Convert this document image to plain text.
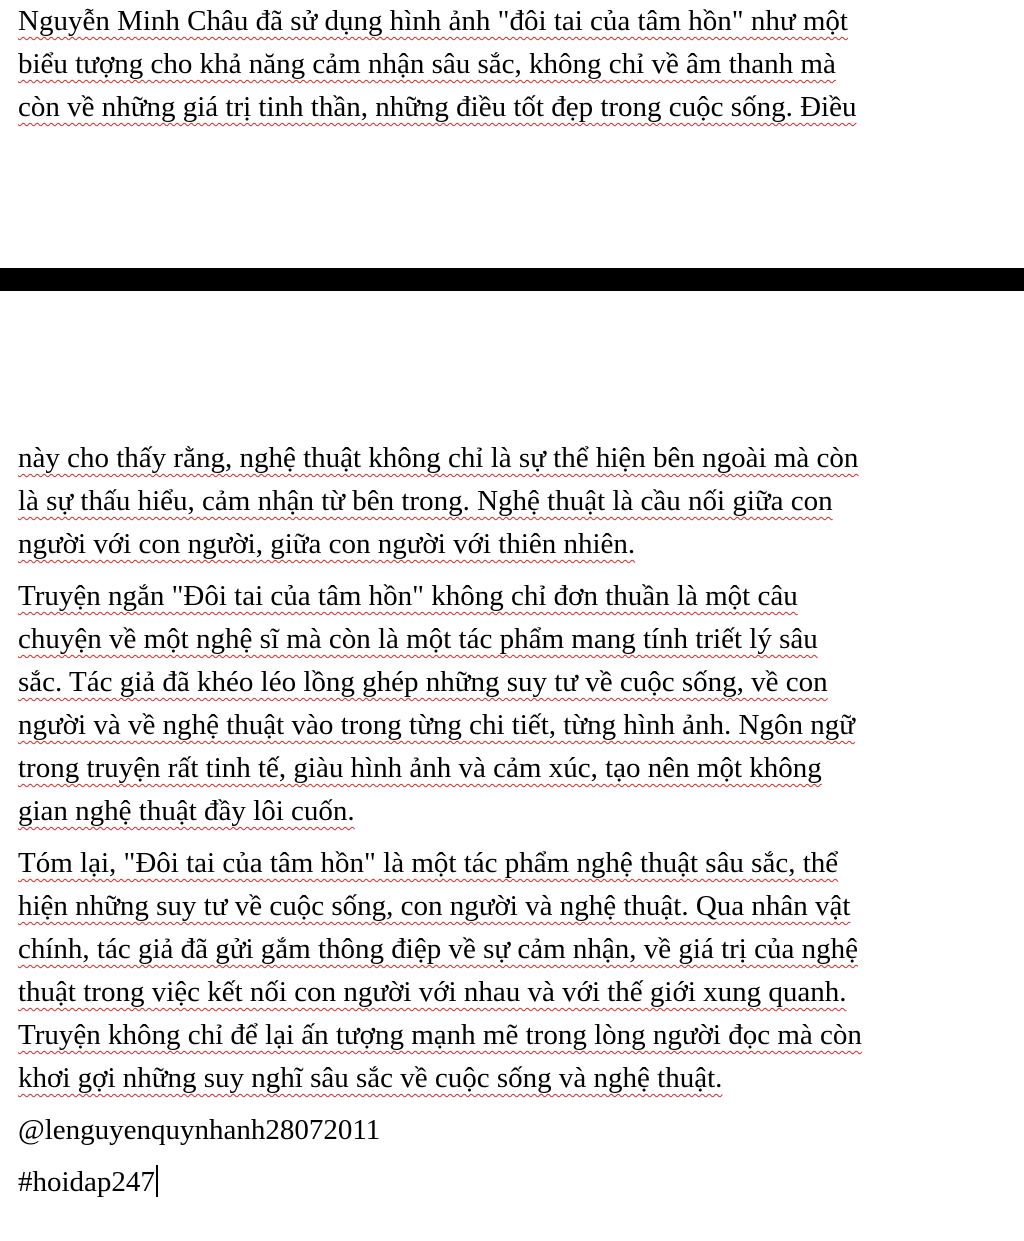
Nguyễn Minh Châu đã sử dụng hình ảnh "đôi tai của tâm hồn" như một
biểu tượng cho khả năng cảm nhận sâu sắc, không chỉ về âm thanh mà
còn về những giá trị tinh thần, những điều tốt đẹp trong cuộc sống. Điều
này cho thấy rằng, nghệ thuật không chỉ là sự thể hiện bên ngoài mà còn
là sự thấu hiểu, cảm nhận từ bên trong. Nghệ thuật là cầu nối giữa con
người với con người, giữa con người với thiên nhiên.
Truyện ngắn "Đôi tai của tâm hồn" không chỉ đơn thuần là một câu
chuyện về một nghệ sĩ mà còn là một tác phẩm mang tính triết lý sâu
sắc. Tác giả đã khéo léo lồng ghép những suy tư về cuộc sống, về con
người và về nghệ thuật vào trong từng chi tiết, từng hình ảnh. Ngôn ngữ
trong truyện rất tinh tế, giàu hình ảnh và cảm xúc, tạo nên một không
gian nghệ thuật đầy lôi cuốn.
Tóm lại, "Đôi tai của tâm hồn" là một tác phẩm nghệ thuật sâu sắc, thể
hiện những suy tư về cuộc sống, con người và nghệ thuật. Qua nhân vật
chính, tác giả đã gửi gắm thông điệp về sự cảm nhận, về giá trị của nghệ
thuật trong việc kết nối con người với nhau và với thế giới xung quanh.
Truyện không chỉ để lại ấn tượng mạnh mẽ trong lòng người đọc mà còn
khơi gợi những suy nghĩ sâu sắc về cuộc sống và nghệ thuật.
@lenguyenquynhanh28072011
#hoidap247
